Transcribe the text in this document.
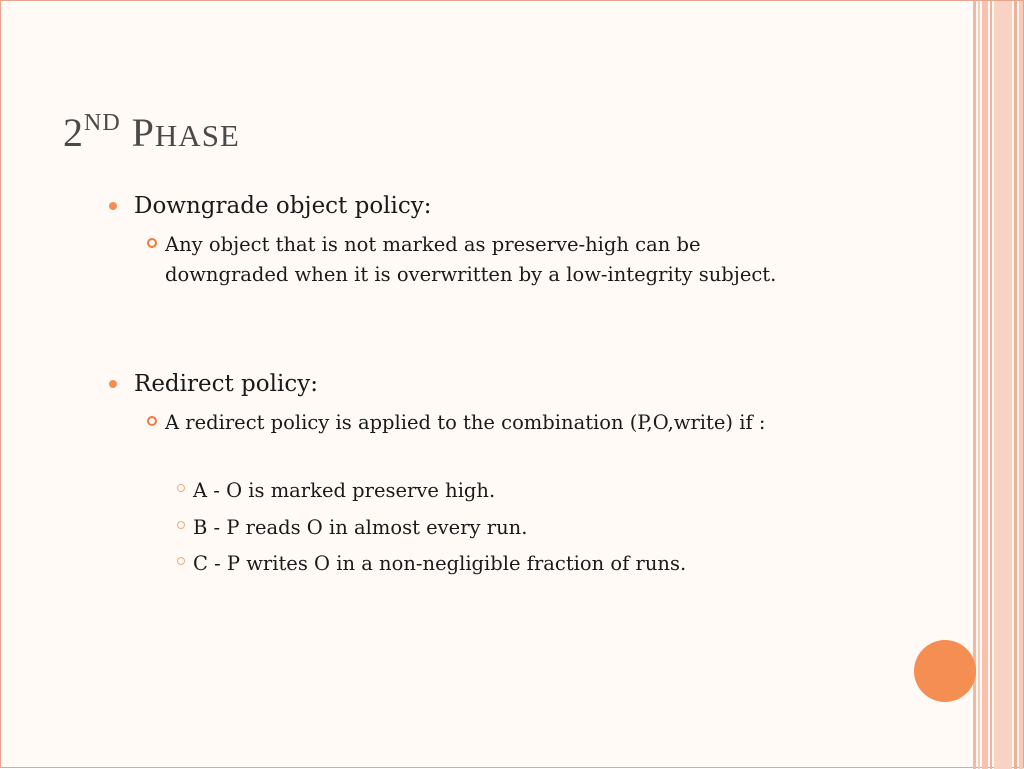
2ND PHASE
Downgrade object policy:
Any object that is not marked as preserve-high can be downgraded when it is overwritten by a low-integrity subject.
Redirect policy:
A redirect policy is applied to the combination (P,O,write) if :
A - O is marked preserve high.
B - P reads O in almost every run.
C - P writes O in a non-negligible fraction of runs.
